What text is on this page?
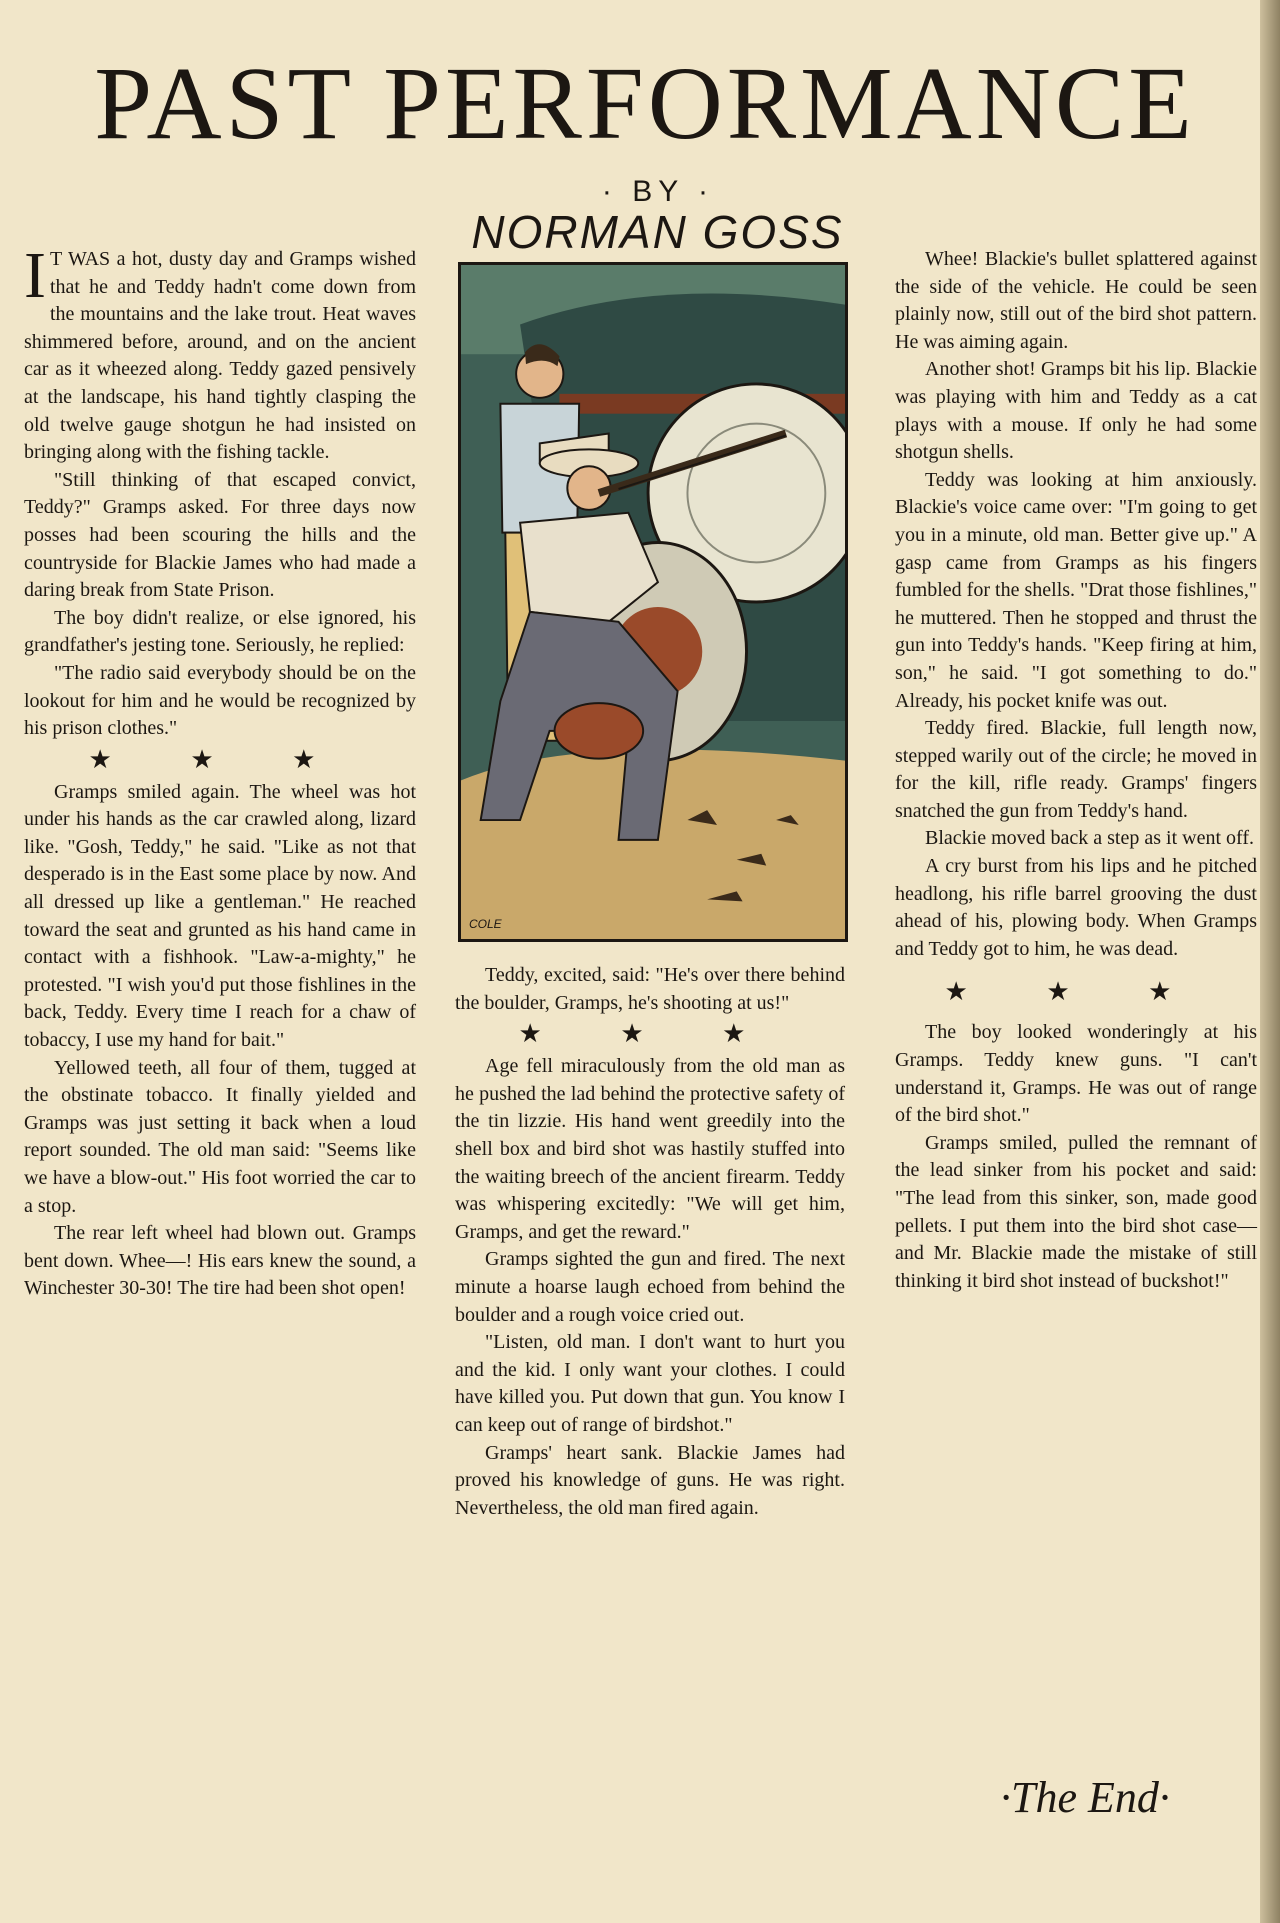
PAST PERFORMANCE
· BY ·
NORMAN GOSS

I T WAS a hot, dusty day and Gramps wished that he and Teddy hadn't come down from the mountains and the lake trout. Heat waves shimmered before, around, and on the ancient car as it wheezed along. Teddy gazed pensively at the landscape, his hand tightly clasping the old twelve gauge shotgun he had insisted on bringing along with the fishing tackle.

"Still thinking of that escaped convict, Teddy?" Gramps asked. For three days now posses had been scouring the hills and the countryside for Blackie James who had made a daring break from State Prison.

The boy didn't realize, or else ignored, his grandfather's jesting tone. Seriously, he replied:

"The radio said everybody should be on the lookout for him and he would be recognized by his prison clothes."

★ ★ ★

Gramps smiled again. The wheel was hot under his hands as the car crawled along, lizard like. "Gosh, Teddy," he said. "Like as not that desperado is in the East some place by now. And all dressed up like a gentleman." He reached toward the seat and grunted as his hand came in contact with a fishhook. "Law-a-mighty," he protested. "I wish you'd put those fishlines in the back, Teddy. Every time I reach for a chaw of tobaccy, I use my hand for bait."

Yellowed teeth, all four of them, tugged at the obstinate tobacco. It finally yielded and Gramps was just setting it back when a loud report sounded. The old man said: "Seems like we have a blow-out." His foot worried the car to a stop.

The rear left wheel had blown out. Gramps bent down. Whee—! His ears knew the sound, a Winchester 30-30! The tire had been shot open!

COLE

Teddy, excited, said: "He's over there behind the boulder, Gramps, he's shooting at us!"

★ ★ ★

Age fell miraculously from the old man as he pushed the lad behind the protective safety of the tin lizzie. His hand went greedily into the shell box and bird shot was hastily stuffed into the waiting breech of the ancient firearm. Teddy was whispering excitedly: "We will get him, Gramps, and get the reward."

Gramps sighted the gun and fired. The next minute a hoarse laugh echoed from behind the boulder and a rough voice cried out.

"Listen, old man. I don't want to hurt you and the kid. I only want your clothes. I could have killed you. Put down that gun. You know I can keep out of range of birdshot."

Gramps' heart sank. Blackie James had proved his knowledge of guns. He was right. Nevertheless, the old man fired again.

Whee! Blackie's bullet splattered against the side of the vehicle. He could be seen plainly now, still out of the bird shot pattern. He was aiming again.

Another shot! Gramps bit his lip. Blackie was playing with him and Teddy as a cat plays with a mouse. If only he had some shotgun shells.

Teddy was looking at him anxiously. Blackie's voice came over: "I'm going to get you in a minute, old man. Better give up." A gasp came from Gramps as his fingers fumbled for the shells. "Drat those fishlines," he muttered. Then he stopped and thrust the gun into Teddy's hands. "Keep firing at him, son," he said. "I got something to do." Already, his pocket knife was out.

Teddy fired. Blackie, full length now, stepped warily out of the circle; he moved in for the kill, rifle ready. Gramps' fingers snatched the gun from Teddy's hand.

Blackie moved back a step as it went off.

A cry burst from his lips and he pitched headlong, his rifle barrel grooving the dust ahead of his, plowing body. When Gramps and Teddy got to him, he was dead.

★ ★ ★

The boy looked wonderingly at his Gramps. Teddy knew guns. "I can't understand it, Gramps. He was out of range of the bird shot."

Gramps smiled, pulled the remnant of the lead sinker from his pocket and said: "The lead from this sinker, son, made good pellets. I put them into the bird shot case—and Mr. Blackie made the mistake of still thinking it bird shot instead of buckshot!"

·The End·
